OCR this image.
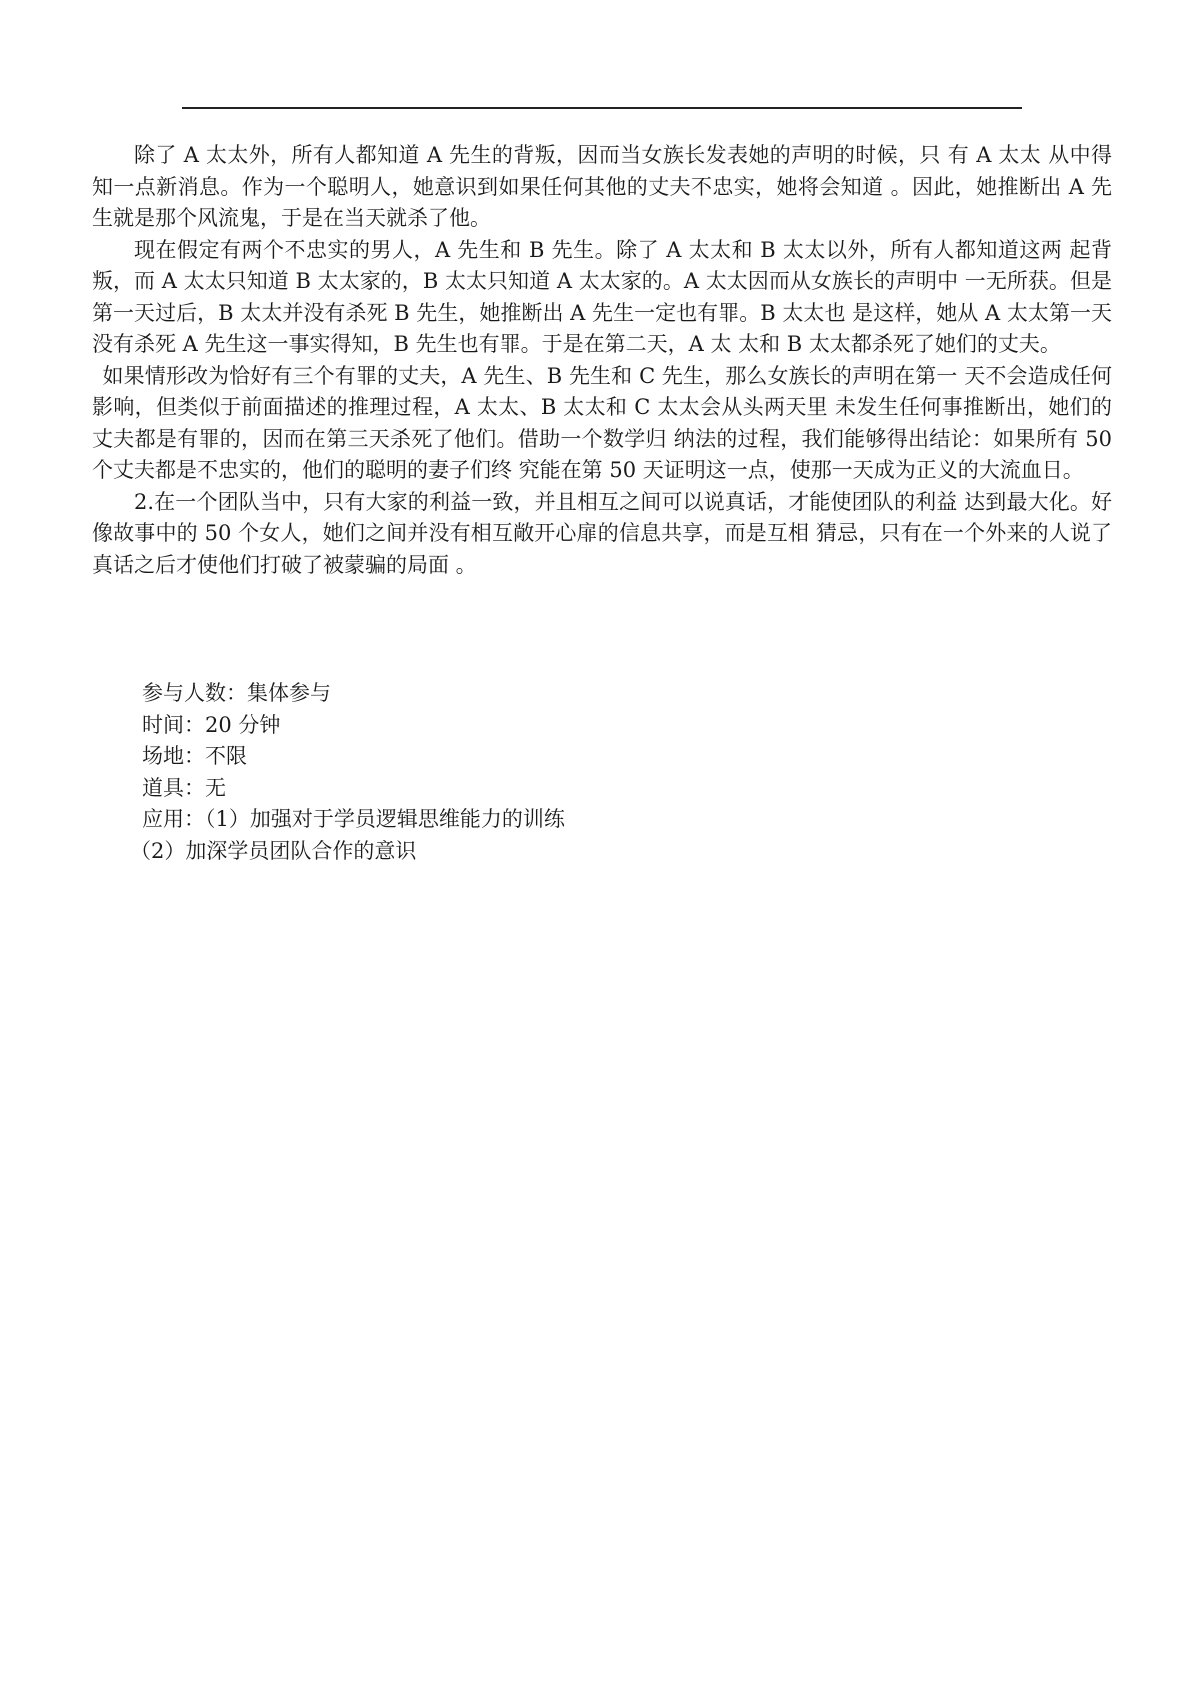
除了 A 太太外，所有人都知道 A 先生的背叛，因而当女族长发表她的声明的时候，只 有 A 太太 从中得知一点新消息。作为一个聪明人，她意识到如果任何其他的丈夫不忠实，她将会知道 。因此，她推断出 A 先生就是那个风流鬼，于是在当天就杀了他。

现在假定有两个不忠实的男人，A 先生和 B 先生。除了 A 太太和 B 太太以外，所有人都知道这两 起背叛，而 A 太太只知道 B 太太家的，B 太太只知道 A 太太家的。A 太太因而从女族长的声明中 一无所获。但是第一天过后，B 太太并没有杀死 B 先生，她推断出 A 先生一定也有罪。B 太太也 是这样，她从 A 太太第一天没有杀死 A 先生这一事实得知，B 先生也有罪。于是在第二天，A 太 太和 B 太太都杀死了她们的丈夫。

如果情形改为恰好有三个有罪的丈夫，A 先生、B 先生和 C 先生，那么女族长的声明在第一 天不会造成任何影响，但类似于前面描述的推理过程，A 太太、B 太太和 C 太太会从头两天里 未发生任何事推断出，她们的丈夫都是有罪的，因而在第三天杀死了他们。借助一个数学归 纳法的过程，我们能够得出结论：如果所有 50 个丈夫都是不忠实的，他们的聪明的妻子们终 究能在第 50 天证明这一点，使那一天成为正义的大流血日。

2.在一个团队当中，只有大家的利益一致，并且相互之间可以说真话，才能使团队的利益 达到最大化。好像故事中的 50 个女人，她们之间并没有相互敞开心扉的信息共享，而是互相 猜忌，只有在一个外来的人说了真话之后才使他们打破了被蒙骗的局面 。

参与人数：集体参与

时间：20 分钟

场地：不限

道具：无

应用：（1）加强对于学员逻辑思维能力的训练

（2）加深学员团队合作的意识
